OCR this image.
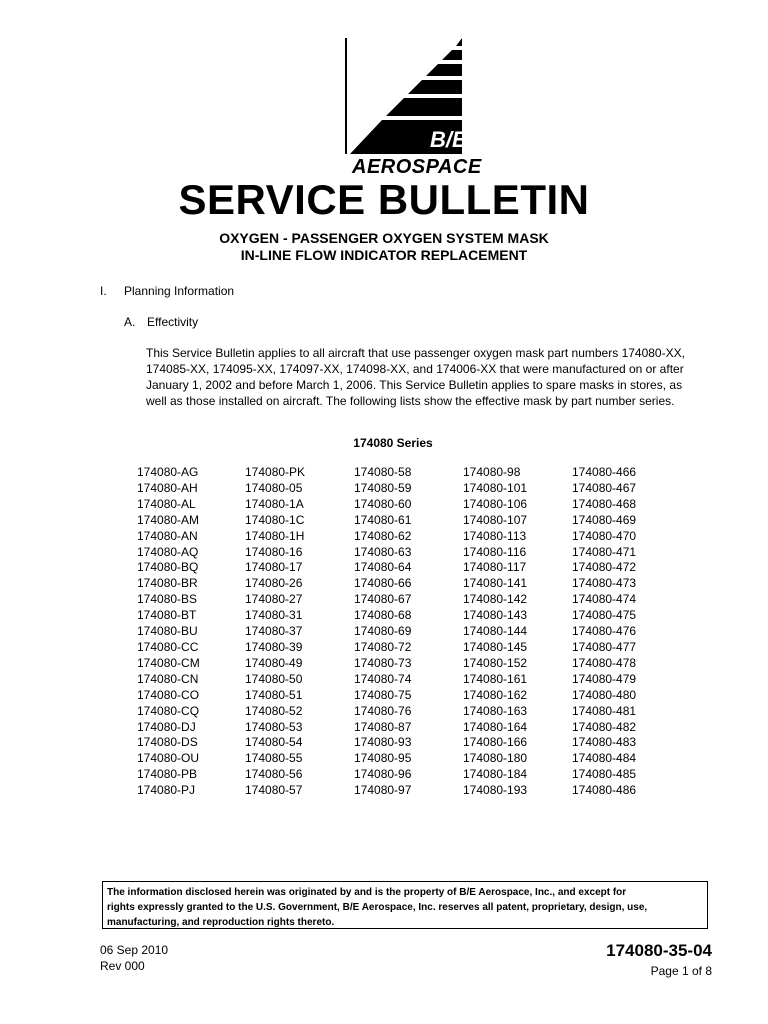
B/E
AEROSPACE
SERVICE BULLETIN
OXYGEN - PASSENGER OXYGEN SYSTEM MASK
IN-LINE FLOW INDICATOR REPLACEMENT
I. Planning Information
A. Effectivity
This Service Bulletin applies to all aircraft that use passenger oxygen mask part numbers 174080-XX,
174085-XX, 174095-XX, 174097-XX, 174098-XX, and 174006-XX that were manufactured on or after
January 1, 2002 and before March 1, 2006. This Service Bulletin applies to spare masks in stores, as
well as those installed on aircraft. The following lists show the effective mask by part number series.
174080 Series
174080-AG
174080-AH
174080-AL
174080-AM
174080-AN
174080-AQ
174080-BQ
174080-BR
174080-BS
174080-BT
174080-BU
174080-CC
174080-CM
174080-CN
174080-CO
174080-CQ
174080-DJ
174080-DS
174080-OU
174080-PB
174080-PJ
174080-PK
174080-05
174080-1A
174080-1C
174080-1H
174080-16
174080-17
174080-26
174080-27
174080-31
174080-37
174080-39
174080-49
174080-50
174080-51
174080-52
174080-53
174080-54
174080-55
174080-56
174080-57
174080-58
174080-59
174080-60
174080-61
174080-62
174080-63
174080-64
174080-66
174080-67
174080-68
174080-69
174080-72
174080-73
174080-74
174080-75
174080-76
174080-87
174080-93
174080-95
174080-96
174080-97
174080-98
174080-101
174080-106
174080-107
174080-113
174080-116
174080-117
174080-141
174080-142
174080-143
174080-144
174080-145
174080-152
174080-161
174080-162
174080-163
174080-164
174080-166
174080-180
174080-184
174080-193
174080-466
174080-467
174080-468
174080-469
174080-470
174080-471
174080-472
174080-473
174080-474
174080-475
174080-476
174080-477
174080-478
174080-479
174080-480
174080-481
174080-482
174080-483
174080-484
174080-485
174080-486
The information disclosed herein was originated by and is the property of B/E Aerospace, Inc., and except for
rights expressly granted to the U.S. Government, B/E Aerospace, Inc. reserves all patent, proprietary, design, use,
manufacturing, and reproduction rights thereto.
06 Sep 2010
Rev 000
174080-35-04
Page 1 of 8
